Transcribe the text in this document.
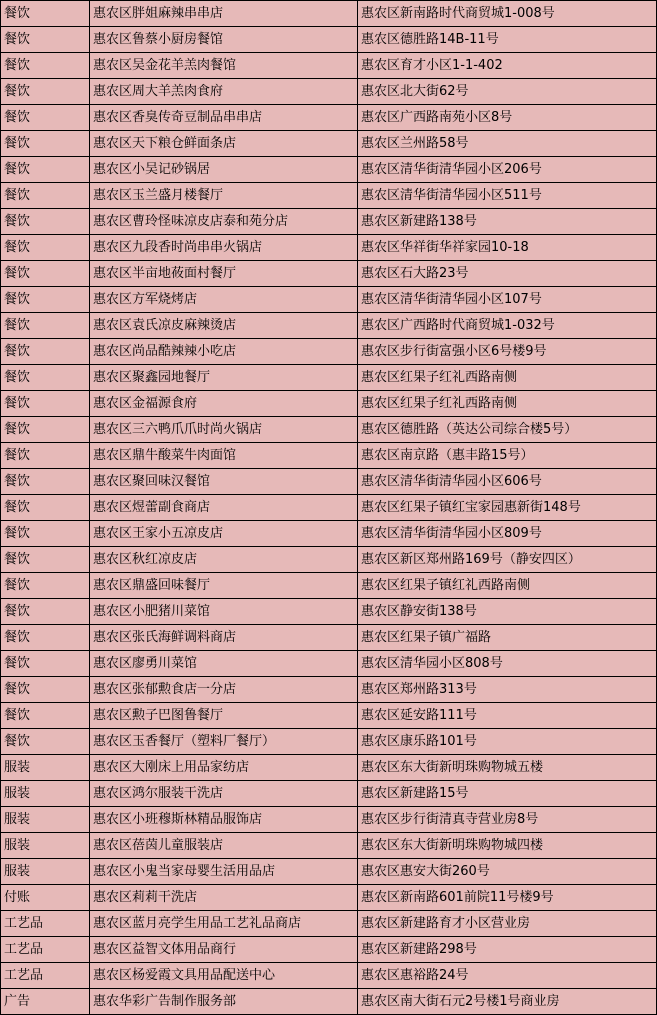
餐饮	惠农区胖姐麻辣串串店	惠农区新南路时代商贸城1-008号
餐饮	惠农区鲁蔡小厨房餐馆	惠农区德胜路14B-11号
餐饮	惠农区吴金花羊羔肉餐馆	惠农区育才小区1-1-402
餐饮	惠农区周大羊羔肉食府	惠农区北大街62号
餐饮	惠农区香臭传奇豆制品串串店	惠农区广西路南苑小区8号
餐饮	惠农区天下粮仓鲜面条店	惠农区兰州路58号
餐饮	惠农区小吴记砂锅居	惠农区清华街清华园小区206号
餐饮	惠农区玉兰盛月楼餐厅	惠农区清华街清华园小区511号
餐饮	惠农区曹玲怪味凉皮店泰和苑分店	惠农区新建路138号
餐饮	惠农区九段香时尚串串火锅店	惠农区华祥街华祥家园10-18
餐饮	惠农区半亩地莜面村餐厅	惠农区石大路23号
餐饮	惠农区方军烧烤店	惠农区清华街清华园小区107号
餐饮	惠农区袁氏凉皮麻辣烫店	惠农区广西路时代商贸城1-032号
餐饮	惠农区尚品酷辣辣小吃店	惠农区步行街富强小区6号楼9号
餐饮	惠农区聚鑫园地餐厅	惠农区红果子红礼西路南侧
餐饮	惠农区金福源食府	惠农区红果子红礼西路南侧
餐饮	惠农区三六鸭爪爪时尚火锅店	惠农区德胜路（英达公司综合楼5号）
餐饮	惠农区鼎牛酸菜牛肉面馆	惠农区南京路（惠丰路15号）
餐饮	惠农区聚回味汉餐馆	惠农区清华街清华园小区606号
餐饮	惠农区煜蕾副食商店	惠农区红果子镇红宝家园惠新街148号
餐饮	惠农区王家小五凉皮店	惠农区清华街清华园小区809号
餐饮	惠农区秋红凉皮店	惠农区新区郑州路169号（静安四区）
餐饮	惠农区鼎盛回味餐厅	惠农区红果子镇红礼西路南侧
餐饮	惠农区小肥猪川菜馆	惠农区静安街138号
餐饮	惠农区张氏海鲜调料商店	惠农区红果子镇广福路
餐饮	惠农区廖勇川菜馆	惠农区清华园小区808号
餐饮	惠农区张郁勲食店一分店	惠农区郑州路313号
餐饮	惠农区勲子巴图鲁餐厅	惠农区延安路111号
餐饮	惠农区玉香餐厅（塑料厂餐厅）	惠农区康乐路101号
服装	惠农区大刚床上用品家纺店	惠农区东大街新明珠购物城五楼
服装	惠农区鸿尔服装干洗店	惠农区新建路15号
服装	惠农区小班穆斯林精品服饰店	惠农区步行街清真寺营业房8号
服装	惠农区蓓茵儿童服装店	惠农区东大街新明珠购物城四楼
服装	惠农区小鬼当家母婴生活用品店	惠农区惠安大街260号
付账	惠农区莉莉干洗店	惠农区新南路601前院11号楼9号
工艺品	惠农区蓝月亮学生用品工艺礼品商店	惠农区新建路育才小区营业房
工艺品	惠农区益智文体用品商行	惠农区新建路298号
工艺品	惠农区杨爱霞文具用品配送中心	惠农区惠裕路24号
广告	惠农华彩广告制作服务部	惠农区南大街石元2号楼1号商业房
